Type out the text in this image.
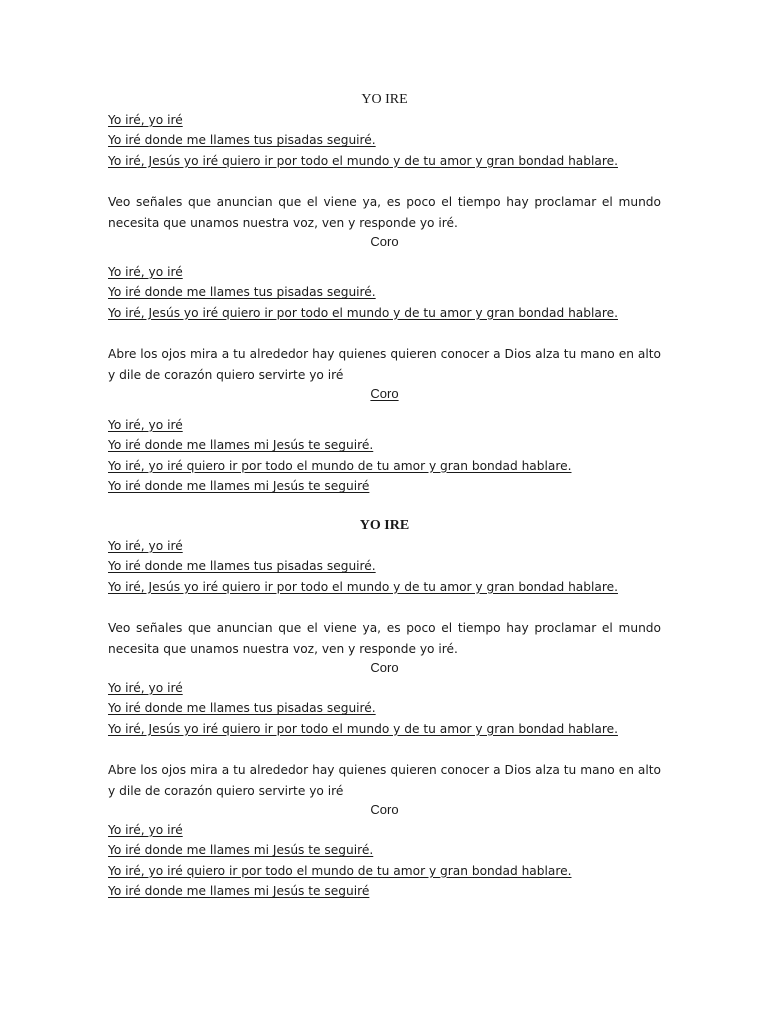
YO IRE
Yo iré, yo iré
Yo iré donde me llames tus pisadas seguiré.
Yo iré, Jesús yo iré quiero ir por todo el mundo y de tu amor y gran bondad hablare.
Veo señales que anuncian que el viene ya, es poco el tiempo hay proclamar el mundo necesita que unamos nuestra voz, ven y responde yo iré.
Coro
Yo iré, yo iré
Yo iré donde me llames tus pisadas seguiré.
Yo iré, Jesús yo iré quiero ir por todo el mundo y de tu amor y gran bondad hablare.
Abre los ojos mira a tu alrededor hay quienes quieren conocer a Dios alza tu mano en alto y dile de corazón quiero servirte yo iré
Coro
Yo iré, yo iré
Yo iré donde me llames mi Jesús te seguiré.
Yo iré, yo iré quiero ir por todo el mundo de tu amor y gran bondad hablare.
Yo iré donde me llames mi Jesús te seguiré
YO IRE
Yo iré, yo iré
Yo iré donde me llames tus pisadas seguiré.
Yo iré, Jesús yo iré quiero ir por todo el mundo y de tu amor y gran bondad hablare.
Veo señales que anuncian que el viene ya, es poco el tiempo hay proclamar el mundo necesita que unamos nuestra voz, ven y responde yo iré.
Coro
Yo iré, yo iré
Yo iré donde me llames tus pisadas seguiré.
Yo iré, Jesús yo iré quiero ir por todo el mundo y de tu amor y gran bondad hablare.
Abre los ojos mira a tu alrededor hay quienes quieren conocer a Dios alza tu mano en alto y dile de corazón quiero servirte yo iré
Coro
Yo iré, yo iré
Yo iré donde me llames mi Jesús te seguiré.
Yo iré, yo iré quiero ir por todo el mundo de tu amor y gran bondad hablare.
Yo iré donde me llames mi Jesús te seguiré
